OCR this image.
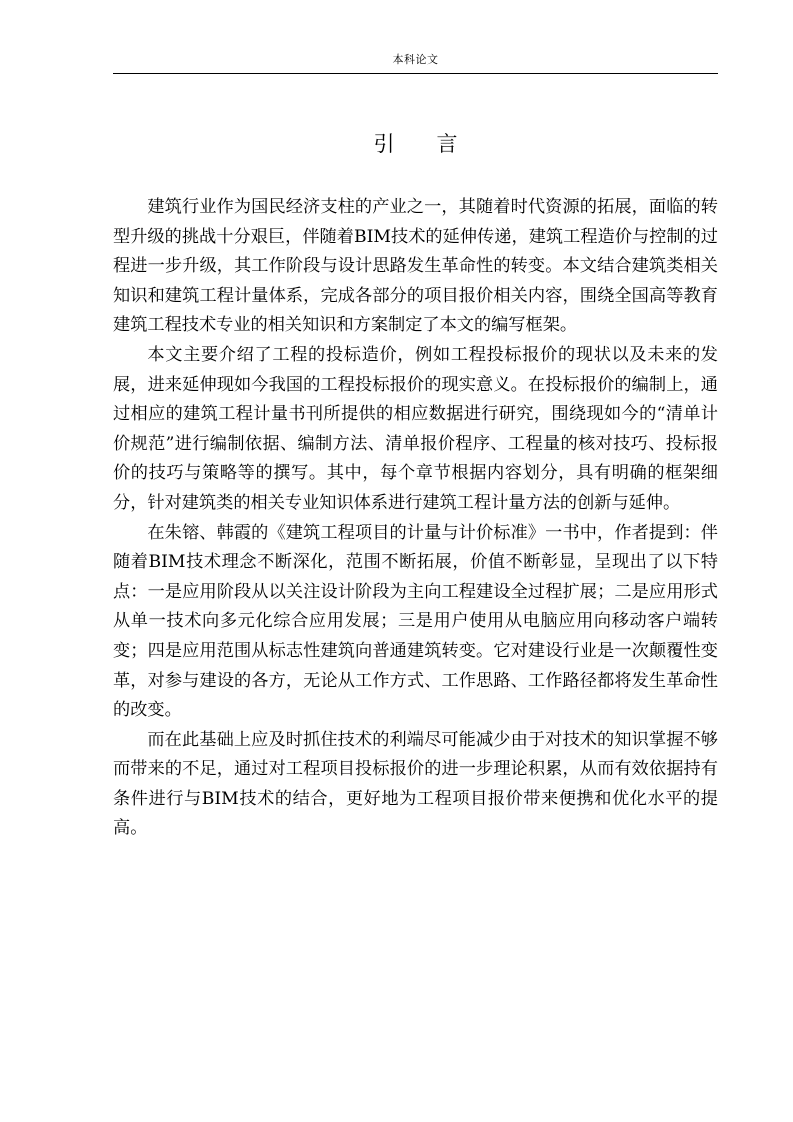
本科论文
引言

建筑行业作为国民经济支柱的产业之一，其随着时代资源的拓展，面临的转型升级的挑战十分艰巨，伴随着BIM技术的延伸传递，建筑工程造价与控制的过程进一步升级，其工作阶段与设计思路发生革命性的转变。本文结合建筑类相关知识和建筑工程计量体系，完成各部分的项目报价相关内容，围绕全国高等教育建筑工程技术专业的相关知识和方案制定了本文的编写框架。

本文主要介绍了工程的投标造价，例如工程投标报价的现状以及未来的发展，进来延伸现如今我国的工程投标报价的现实意义。在投标报价的编制上，通过相应的建筑工程计量书刊所提供的相应数据进行研究，围绕现如今的“清单计价规范”进行编制依据、编制方法、清单报价程序、工程量的核对技巧、投标报价的技巧与策略等的撰写。其中，每个章节根据内容划分，具有明确的框架细分，针对建筑类的相关专业知识体系进行建筑工程计量方法的创新与延伸。

在朱镕、韩霞的《建筑工程项目的计量与计价标准》一书中，作者提到：伴随着BIM技术理念不断深化，范围不断拓展，价值不断彰显，呈现出了以下特点：一是应用阶段从以关注设计阶段为主向工程建设全过程扩展；二是应用形式从单一技术向多元化综合应用发展；三是用户使用从电脑应用向移动客户端转变；四是应用范围从标志性建筑向普通建筑转变。它对建设行业是一次颠覆性变革，对参与建设的各方，无论从工作方式、工作思路、工作路径都将发生革命性的改变。

而在此基础上应及时抓住技术的利端尽可能减少由于对技术的知识掌握不够而带来的不足，通过对工程项目投标报价的进一步理论积累，从而有效依据持有条件进行与BIM技术的结合，更好地为工程项目报价带来便携和优化水平的提高。
